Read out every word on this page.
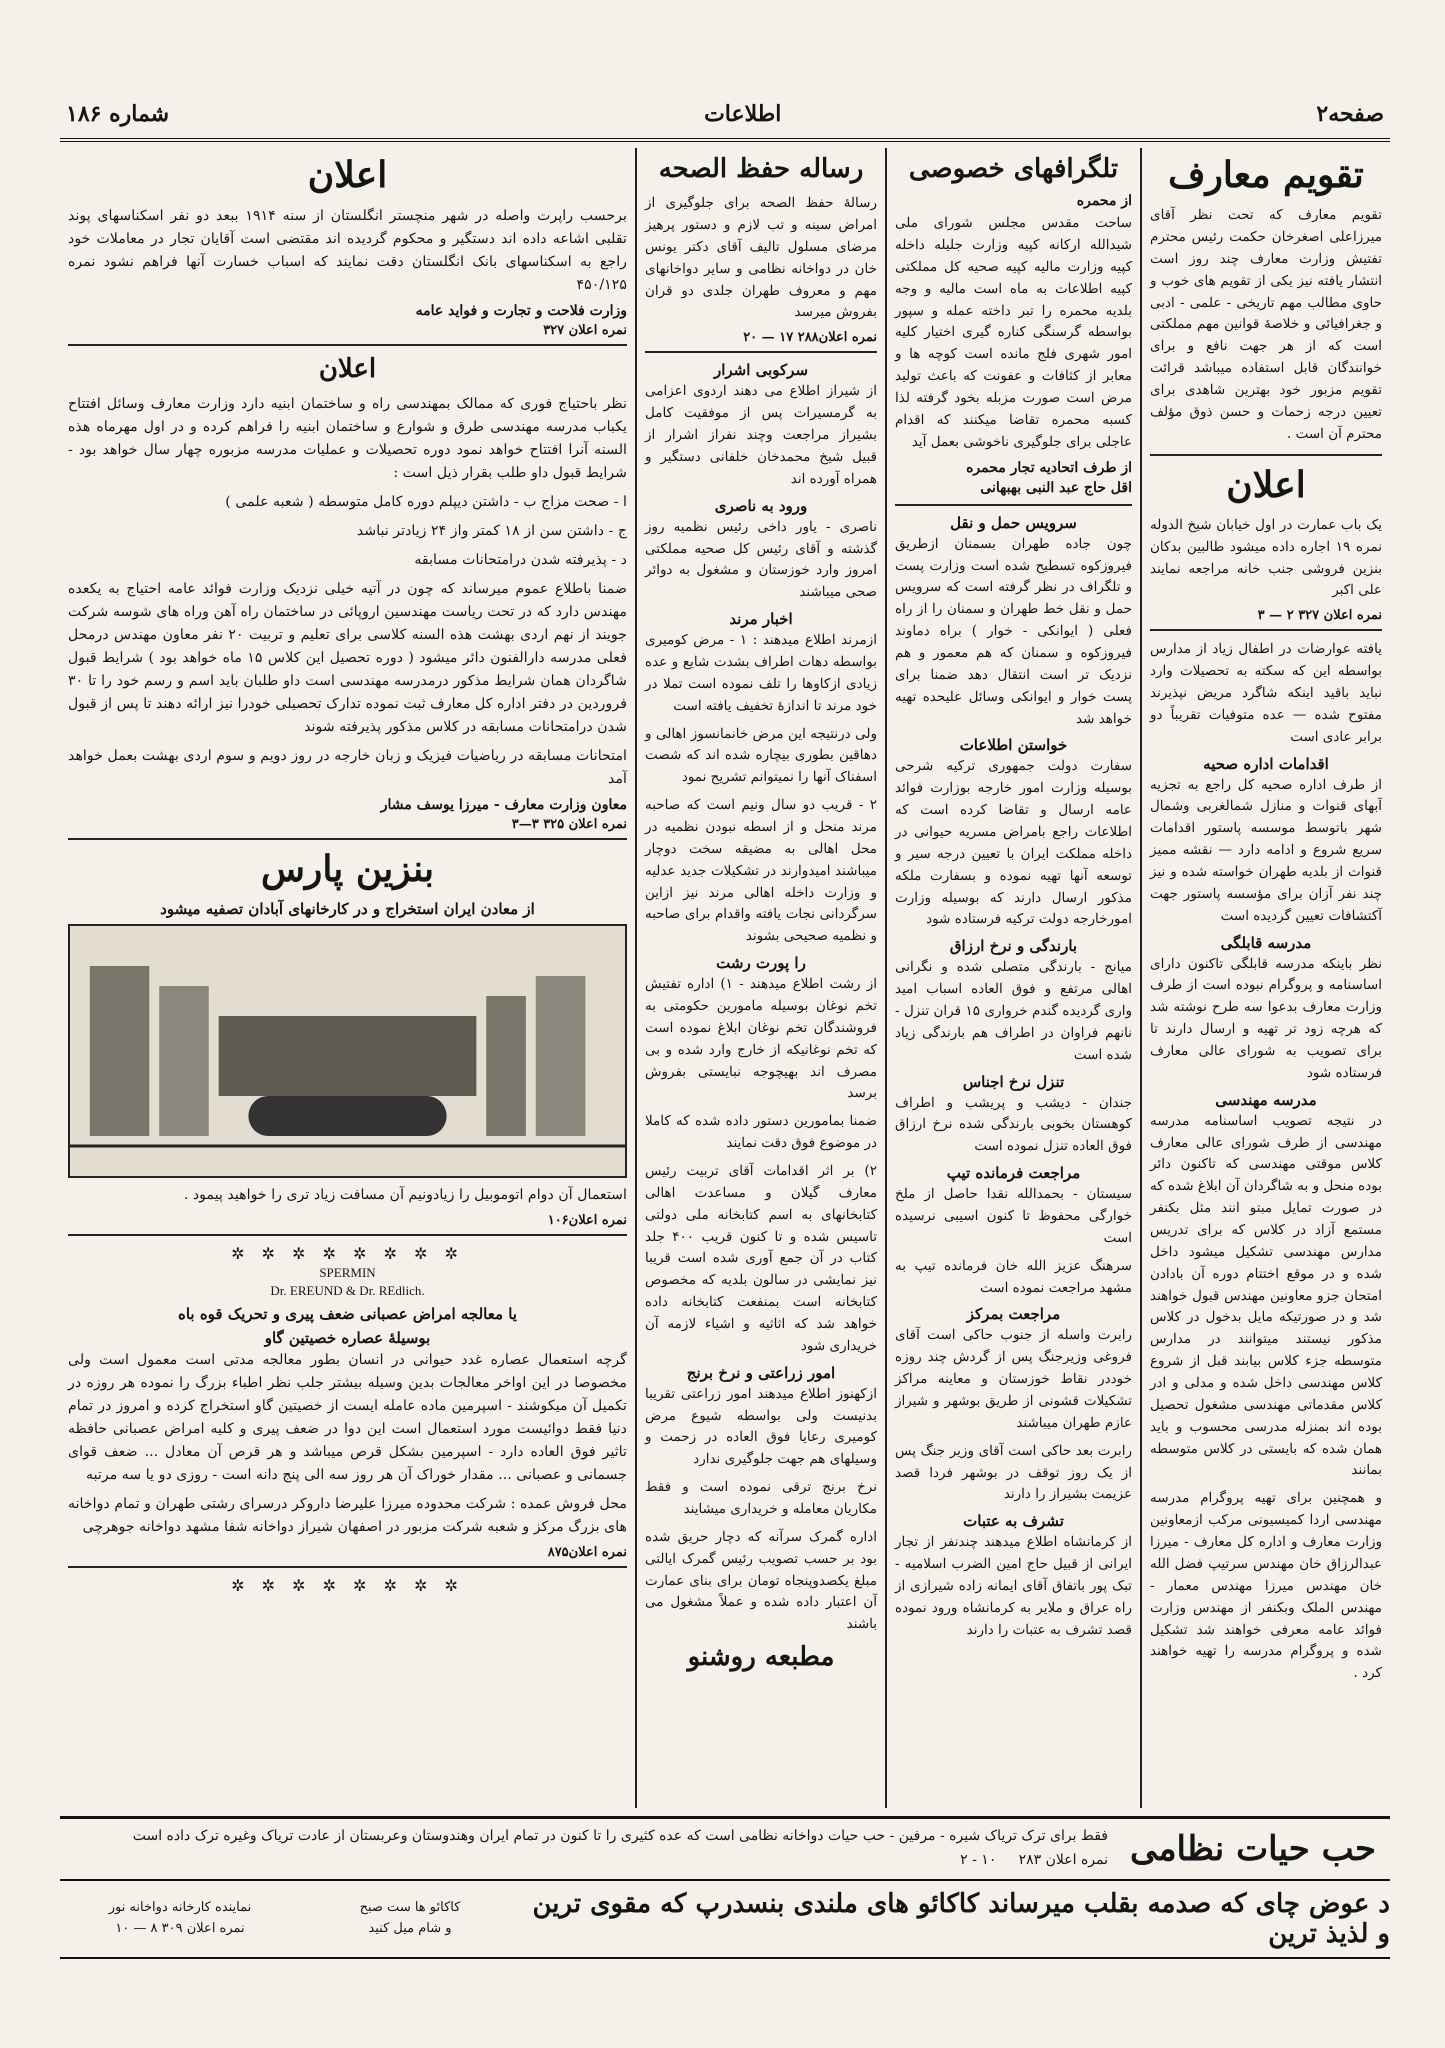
صفحه۲
اطلاعات
شماره ۱۸۶
تقویم معارف

تقویم معارف که تحت نظر آقای میرزاعلی اصغرخان حکمت رئیس محترم تفتیش وزارت معارف چند روز است انتشار یافته نیز یکی از تقویم های خوب و حاوی مطالب مهم تاریخی - علمی - ادبی و جغرافیائی و خلاصهٔ قوانین مهم مملکتی است که از هر جهت نافع و برای خوانندگان قابل استفاده میباشد قرائت تقویم مزبور خود بهترین شاهدی برای تعیین درجه زحمات و حسن ذوق مؤلف محترم آن است .

اعلان

یک باب عمارت در اول خیابان شیخ الدوله نمره ۱۹ اجاره داده میشود طالبین بدکان بنزین فروشی جنب خانه مراجعه نمایند علی اکبر

نمره اعلان ۳۲۷ ۲ — ۳

یافته عوارضات در اطفال زیاد از مدارس بواسطه این که سکته به تحصیلات وارد نباید باقید اینکه شاگرد مریض نپذیرند مفتوح شده — عده متوفیات تقریباً دو برابر عادی است

اقدامات اداره صحیه

از طرف اداره صحیه کل راجع به تجزیه آبهای قنوات و منازل شمالغربی وشمال شهر باتوسط موسسه پاستور اقدامات سریع شروع و ادامه دارد — نقشه ممیز قنوات از بلدیه طهران خواسته شده و نیز چند نفر آزان برای مؤسسه پاستور جهت آکتشافات تعیین گردیده است

مدرسه قابلگی

نظر باینکه مدرسه قابلگی تاکنون دارای اساسنامه و پروگرام نبوده است از طرف وزارت معارف بدعوا سه طرح نوشته شد که هرچه زود تر تهیه و ارسال دارند تا برای تصویب به شورای عالی معارف فرستاده شود

مدرسه مهندسی

در نتیجه تصویب اساسنامه مدرسه مهندسی از طرف شورای عالی معارف کلاس موقتی مهندسی که تاکنون دائر بوده منحل و به شاگردان آن ابلاغ شده که در صورت تمایل مبتو انند مثل بکنفر مستمع آزاد در کلاس که برای تدریس مدارس مهندسی تشکیل میشود داخل شده و در موقع اختتام دوره آن بادادن امتحان جزو معاونین مهندس قبول خواهند شد و در صورتیکه مایل بدخول در کلاس مذکور نیستند میتوانند در مدارس متوسطه جزء کلاس بیابند قبل از شروع کلاس مهندسی داخل شده و مدلی و ادر کلاس مقدماتی مهندسی مشغول تحصیل بوده اند بمنزله مدرسی محسوب و باید همان شده که بایستی در کلاس متوسطه بمانند

و همچنین برای تهیه پروگرام مدرسه مهندسی اردا کمیسیونی مرکب ازمعاونین وزارت معارف و اداره کل معارف - میرزا عبدالرزاق خان مهندس سرتیپ فضل الله خان مهندس میرزا مهندس معمار - مهندس الملک وبکنفر از مهندس وزارت فوائد عامه معرفی خواهند شد تشکیل شده و پروگرام مدرسه را تهیه خواهند کرد .

تلگرافهای خصوصی
از محمره

ساحت مقدس مجلس شورای ملی شیدالله ارکانه کپیه وزارت جلیله داخله کپیه وزارت مالیه کپیه صحیه کل مملکتی کپیه اطلاعات به ماه است مالیه و وجه بلدیه محمره را تبر داخته عمله و سپور بواسطه گرسنگی کناره گیری اختیار کلیه امور شهری فلج مانده است کوچه ها و معابر از کثافات و عفونت که باعث تولید مرض است صورت مزبله بخود گرفته لذا کسبه محمره تقاضا میکنند که اقدام عاجلی برای جلوگیری ناخوشی بعمل آید

از طرف اتحادیه تجار محمره
اقل حاج عبد النبی بهبهانی
سرویس حمل و نقل

چون جاده طهران بسمنان ازطریق فیروزکوه تسطیح شده است وزارت پست و تلگراف در نظر گرفته است که سرویس حمل و نقل خط طهران و سمنان را از راه فعلی ( ایوانکی - خوار ) براه دماوند فیروزکوه و سمنان که هم معمور و هم نزدیک تر است انتقال دهد ضمنا برای پست خوار و ایوانکی وسائل علیحده تهیه خواهد شد

خواستن اطلاعات

سفارت دولت جمهوری ترکیه شرحی بوسیله وزارت امور خارجه بوزارت فوائد عامه ارسال و تقاضا کرده است که اطلاعات راجع بامراض مسریه حیوانی در داخله مملکت ایران با تعیین درجه سیر و توسعه آنها تهیه نموده و بسفارت ملکه مذکور ارسال دارند که بوسیله وزارت امورخارجه دولت ترکیه فرستاده شود

بارندگی و نرخ ارزاق

میانج - بارندگی متصلی شده و نگرانی اهالی مرتفع و فوق العاده اسباب امید واری گردیده گندم خرواری ۱۵ قران تنزل - نانهم فراوان در اطراف هم بارندگی زیاد شده است

تنزل نرخ اجناس

جندان - دیشب و پریشب و اطراف کوهستان بخوبی بارندگی شده نرخ ارزاق فوق العاده تنزل نموده است

مراجعت فرمانده تیپ

سیستان - بحمدالله نقدا حاصل از ملخ خوارگی محفوظ تا کنون اسیبی نرسیده است

سرهنگ عزیز الله خان فرمانده تیپ به مشهد مراجعت نموده است

مراجعت بمرکز

رابرت واسله از جنوب حاکی است آقای فروغی وزیرجنگ پس از گردش چند روزه خوددر نقاط خوزستان و معاینه مراکز تشکیلات قشونی از طریق بوشهر و شیراز عازم طهران میباشند

رابرت بعد حاکی است آقای وزیر جنگ پس از یک روز توقف در بوشهر فردا قصد عزیمت بشیراز را دارند

تشرف به عتبات

از کرمانشاه اطلاع میدهند چندنفر از تجار ایرانی از قبیل حاج امین الضرب اسلامیه - تبک پور باتفاق آقای ایمانه زاده شیرازی از راه عراق و ملایر به کرمانشاه ورود نموده قصد تشرف به عتبات را دارند

رساله حفظ الصحه

رسالهٔ حفظ الصحه برای جلوگیری از امراض سینه و تب لازم و دستور پرهیز مرضای مسلول تالیف آقای دکتر یونس خان در دواخانه نظامی و سایر دواخانهای مهم و معروف طهران جلدی دو قران بفروش میرسد

نمره اعلان۲۸۸ ۱۷ — ۲۰
سرکوبی اشرار

از شیراز اطلاع می دهند اردوی اعزامی به گرمسیرات پس از موفقیت کامل بشیراز مراجعت وچند نفراز اشرار از قبیل شیخ محمدخان خلفانی دستگیر و همراه آورده اند

ورود به ناصری

ناصری - یاور داخی رئیس نظمیه روز گذشته و آقای رئیس کل صحیه مملکتی امروز وارد خوزستان و مشغول به دوائر صحی میباشند

اخبار مرند

ازمرند اطلاع میدهند : ۱ - مرض کومیری بواسطه دهات اطراف بشدت شایع و عده زیادی ازکاوها را تلف نموده است تملا در خود مرند تا اندازهٔ تخفیف یافته است

ولی درنتیجه این مرض خانمانسوز اهالی و دهاقین بطوری بیچاره شده اند که شصت اسفناک آنها را نمیتوانم تشریح نمود

۲ - قریب دو سال ونیم است که صاحبه مرند منحل و از اسطه نبودن نظمیه در محل اهالی به مضیقه سخت دوچار میباشند امیدوارند در تشکیلات جدید عدلیه و وزارت داخله اهالی مرند نیز ازاین سرگردانی نجات یافته واقدام برای صاحبه و نظمیه صحیحی بشوند

را پورت رشت

از رشت اطلاع میدهند - ۱) اداره تفتیش تخم نوغان بوسیله مامورین حکومتی به فروشندگان تخم نوغان ابلاغ نموده است که تخم نوغانیکه از خارج وارد شده و بی مصرف اند بهیچوجه نبایستی بفروش برسد

ضمنا بمامورین دستور داده شده که کاملا در موضوع فوق دقت نمایند

۲) بر اثر اقدامات آقای تربیت رئیس معارف گیلان و مساعدت اهالی کتابخانهای به اسم کتابخانه ملی دولتی تاسیس شده و تا کنون قریب ۴۰۰ جلد کتاب در آن جمع آوری شده است قریبا نیز نمایشی در سالون بلدیه که مخصوص کتابخانه است بمنفعت کتابخانه داده خواهد شد که اثاثیه و اشیاء لازمه آن خریداری شود

امور زراعتی و نرخ برنج

ازکهنوز اطلاع میدهند امور زراعتی تقریبا بدنیست ولی بواسطه شیوع مرض کومیری رعایا فوق العاده در زحمت و وسیلهای هم جهت جلوگیری ندارد

نرخ برنج ترقی نموده است و فقط مکاریان معامله و خریداری میشایند

اداره گمرک سرآنه که دچار حریق شده بود بر حسب تصویب رئیس گمرک ایالتی مبلغ یکصدوپنجاه تومان برای بنای عمارت آن اعتبار داده شده و عملاً مشغول می باشند

مطبعه روشنو
اعلان

برحسب راپرت واصله در شهر منچستر انگلستان از سنه ۱۹۱۴ ببعد دو نفر اسکناسهای پوند تقلبی اشاعه داده اند دستگیر و محکوم گردیده اند مقتضی است آقایان تجار در معاملات خود راجع به اسکناسهای بانک انگلستان دقت نمایند که اسباب خسارت آنها فراهم نشود نمره ۴۵۰/۱۲۵

وزارت فلاحت و تجارت و فواید عامه
نمره اعلان ۳۲۷
اعلان

نظر باحتیاج فوری که ممالک بمهندسی راه و ساختمان ابنیه دارد وزارت معارف وسائل افتتاح یکباب مدرسه مهندسی طرق و شوارع و ساختمان ابنیه را فراهم کرده و در اول مهرماه هذه السنه آنرا افتتاح خواهد نمود دوره تحصیلات و عملیات مدرسه مزبوره چهار سال خواهد بود - شرایط قبول داو طلب بقرار ذیل است :

ا - صحت مزاج ب - داشتن دیپلم دوره کامل متوسطه ( شعبه علمی )

ج - داشتن سن از ۱۸ کمتر واز ۲۴ زیادتر نباشد

د - پذیرفته شدن درامتحانات مسابقه

ضمنا باطلاع عموم میرساند که چون در آتیه خیلی نزدیک وزارت فوائد عامه احتیاج به یکعده مهندس دارد که در تحت ریاست مهندسین اروپائی در ساختمان راه آهن وراه های شوسه شرکت جویند از نهم اردی بهشت هذه السنه کلاسی برای تعلیم و تربیت ۲۰ نفر معاون مهندس درمحل فعلی مدرسه دارالفنون دائر میشود ( دوره تحصیل این کلاس ۱۵ ماه خواهد بود ) شرایط قبول شاگردان همان شرایط مذکور درمدرسه مهندسی است داو طلبان باید اسم و رسم خود را تا ۳۰ فروردین در دفتر اداره کل معارف ثبت نموده تدارک تحصیلی خودرا نیز ارائه دهند تا پس از قبول شدن درامتحانات مسابقه در کلاس مذکور پذیرفته شوند

امتحانات مسابقه در ریاضیات فیزیک و زبان خارجه در روز دویم و سوم اردی بهشت بعمل خواهد آمد

معاون وزارت معارف - میرزا یوسف مشار
نمره اعلان ۳۲۵ ۳—۳
بنزین پارس
از معادن ایران استخراج و در کارخانهای آبادان تصفیه میشود

استعمال آن دوام اتوموبیل را زیادونیم آن مسافت زیاد تری را خواهید پیمود .

نمره اعلان۱۰۶
✲ ✲ ✲ ✲ ✲ ✲ ✲ ✲
SPERMIN
Dr. EREUND & Dr. REdlich.
یا معالجه امراض عصبانی ضعف پیری و تحریک قوه باه
بوسیلهٔ عصاره خصیتین گاو

گرچه استعمال عصاره غدد حیوانی در انسان بطور معالجه مدتی است معمول است ولی مخصوصا در این اواخر معالجات بدین وسیله بیشتر جلب نظر اطباء بزرگ را نموده هر روزه در تکمیل آن میکوشند - اسپرمین ماده عامله ایست از خصیتین گاو استخراج کرده و امروز در تمام دنیا فقط دوائیست مورد استعمال است این دوا در ضعف پیری و کلیه امراض عصبانی حافظه تاثیر فوق العاده دارد - اسپرمین بشکل قرص میباشد و هر قرص آن معادل ... ضعف قوای جسمانی و عصبانی ... مقدار خوراک آن هر روز سه الی پنج دانه است - روزی دو یا سه مرتبه

محل فروش عمده : شرکت محدوده میرزا علیرضا داروکر درسرای رشتی طهران و تمام دواخانه های بزرگ مرکز و شعبه شرکت مزبور در اصفهان شیراز دواخانه شفا مشهد دواخانه جوهرچی

نمره اعلان۸۷۵
✲ ✲ ✲ ✲ ✲ ✲ ✲ ✲
حب حیات نظامی
فقط برای ترک تریاک شیره - مرفین - حب حیات دواخانه نظامی است که عده کثیری را تا کنون در تمام ایران وهندوستان وعربستان از عادت تریاک وغیره ترک داده است
نمره اعلان ۲۸۳     ۱۰ - ۲
د عوض چای که صدمه بقلب میرساند کاکائو های ملندی بنسدرپ که مقوی ترین و لذیذ ترین
کاکائو ها ست صبح
و شام میل کنید
نماینده کارخانه دواخانه نور
نمره اعلان ۳۰۹ ۸ — ۱۰
